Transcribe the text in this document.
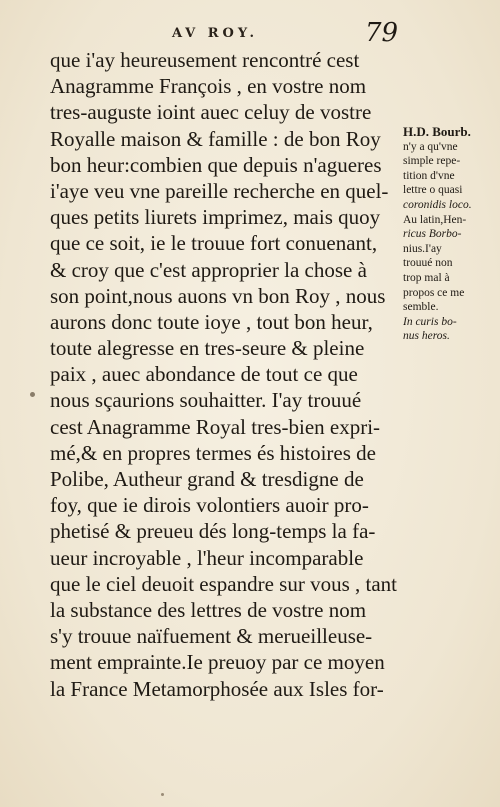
AV ROY.	79
que i'ay heureusement rencontré cest
Anagramme François , en vostre nom
tres-auguste ioint auec celuy de vostre
Royalle maison & famille : de bon Roy
bon heur:combien que depuis n'agueres
i'aye veu vne pareille recherche en quel-
ques petits liurets imprimez, mais quoy
que ce soit, ie le trouue fort conuenant,
& croy que c'est approprier la chose à
son point,nous auons vn bon Roy , nous
aurons donc toute ioye , tout bon heur,
toute alegresse en tres-seure & pleine
paix , auec abondance de tout ce que
nous sçaurions souhaitter. I'ay trouué
cest Anagramme Royal tres-bien expri-
mé,& en propres termes és histoires de
Polibe, Autheur grand & tresdigne de
foy, que ie dirois volontiers auoir pro-
phetisé & preueu dés long-temps la fa-
ueur incroyable , l'heur incomparable
que le ciel deuoit espandre sur vous , tant
la substance des lettres de vostre nom
s'y trouue naïfuement & merueilleuse-
ment emprainte.Ie preuoy par ce moyen
la France Metamorphosée aux Isles for-
H.D. Bourb.
n'y a qu'vne
simple repe-
tition d'vne
lettre o quasi
coronidis loco.
Au latin,Hen-
ricus Borbo-
nius.I'ay
trouué non
trop mal à
propos ce me
semble.
In curis bo-
nus heros.
